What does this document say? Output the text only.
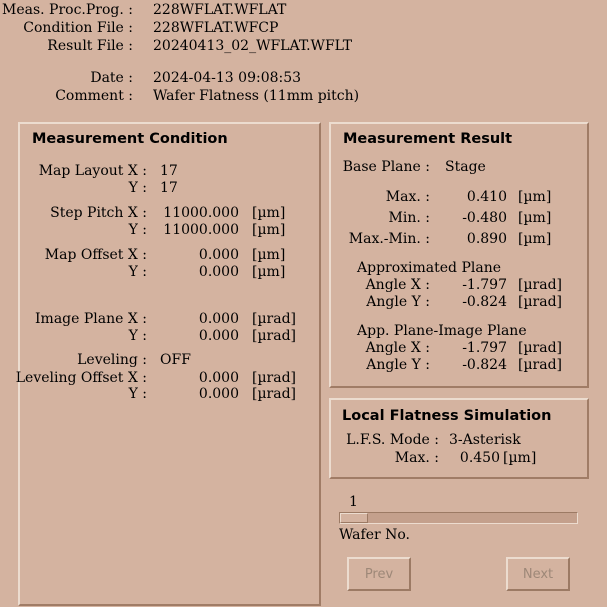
Meas. Proc.Prog. : 228WFLAT.WFLAT
Condition File : 228WFLAT.WFCP
Result File : 20240413_02_WFLAT.WFLT
Date : 2024-04-13 09:08:53
Comment : Wafer Flatness (11mm pitch)
Measurement Condition
Map Layout X : 17
Y : 17
Step Pitch X : 11000.000 [µm]
Y : 11000.000 [µm]
Map Offset X :	0.000 [µm]
Y :	0.000 [µm]
Image Plane X :	0.000 [µrad]
Y :	0.000 [µrad]
Leveling : OFF
Leveling Offset X :	0.000 [µrad]
Y :	0.000 [µrad]
Measurement Result
Base Plane : Stage
Max. :	0.410 [µm]
Min. : -0.480 [µm]
Max.-Min. :	0.890 [µm]
Approximated Plane
Angle X : -1.797 [µrad]
Angle Y : -0.824 [µrad]
App. Plane-Image Plane
Angle X : -1.797 [µrad]
Angle Y : -0.824 [µrad]
Local Flatness Simulation
L.F.S. Mode : 3-Asterisk
Max. : 0.450 [µm]
1
Wafer No.
Prev	Next
